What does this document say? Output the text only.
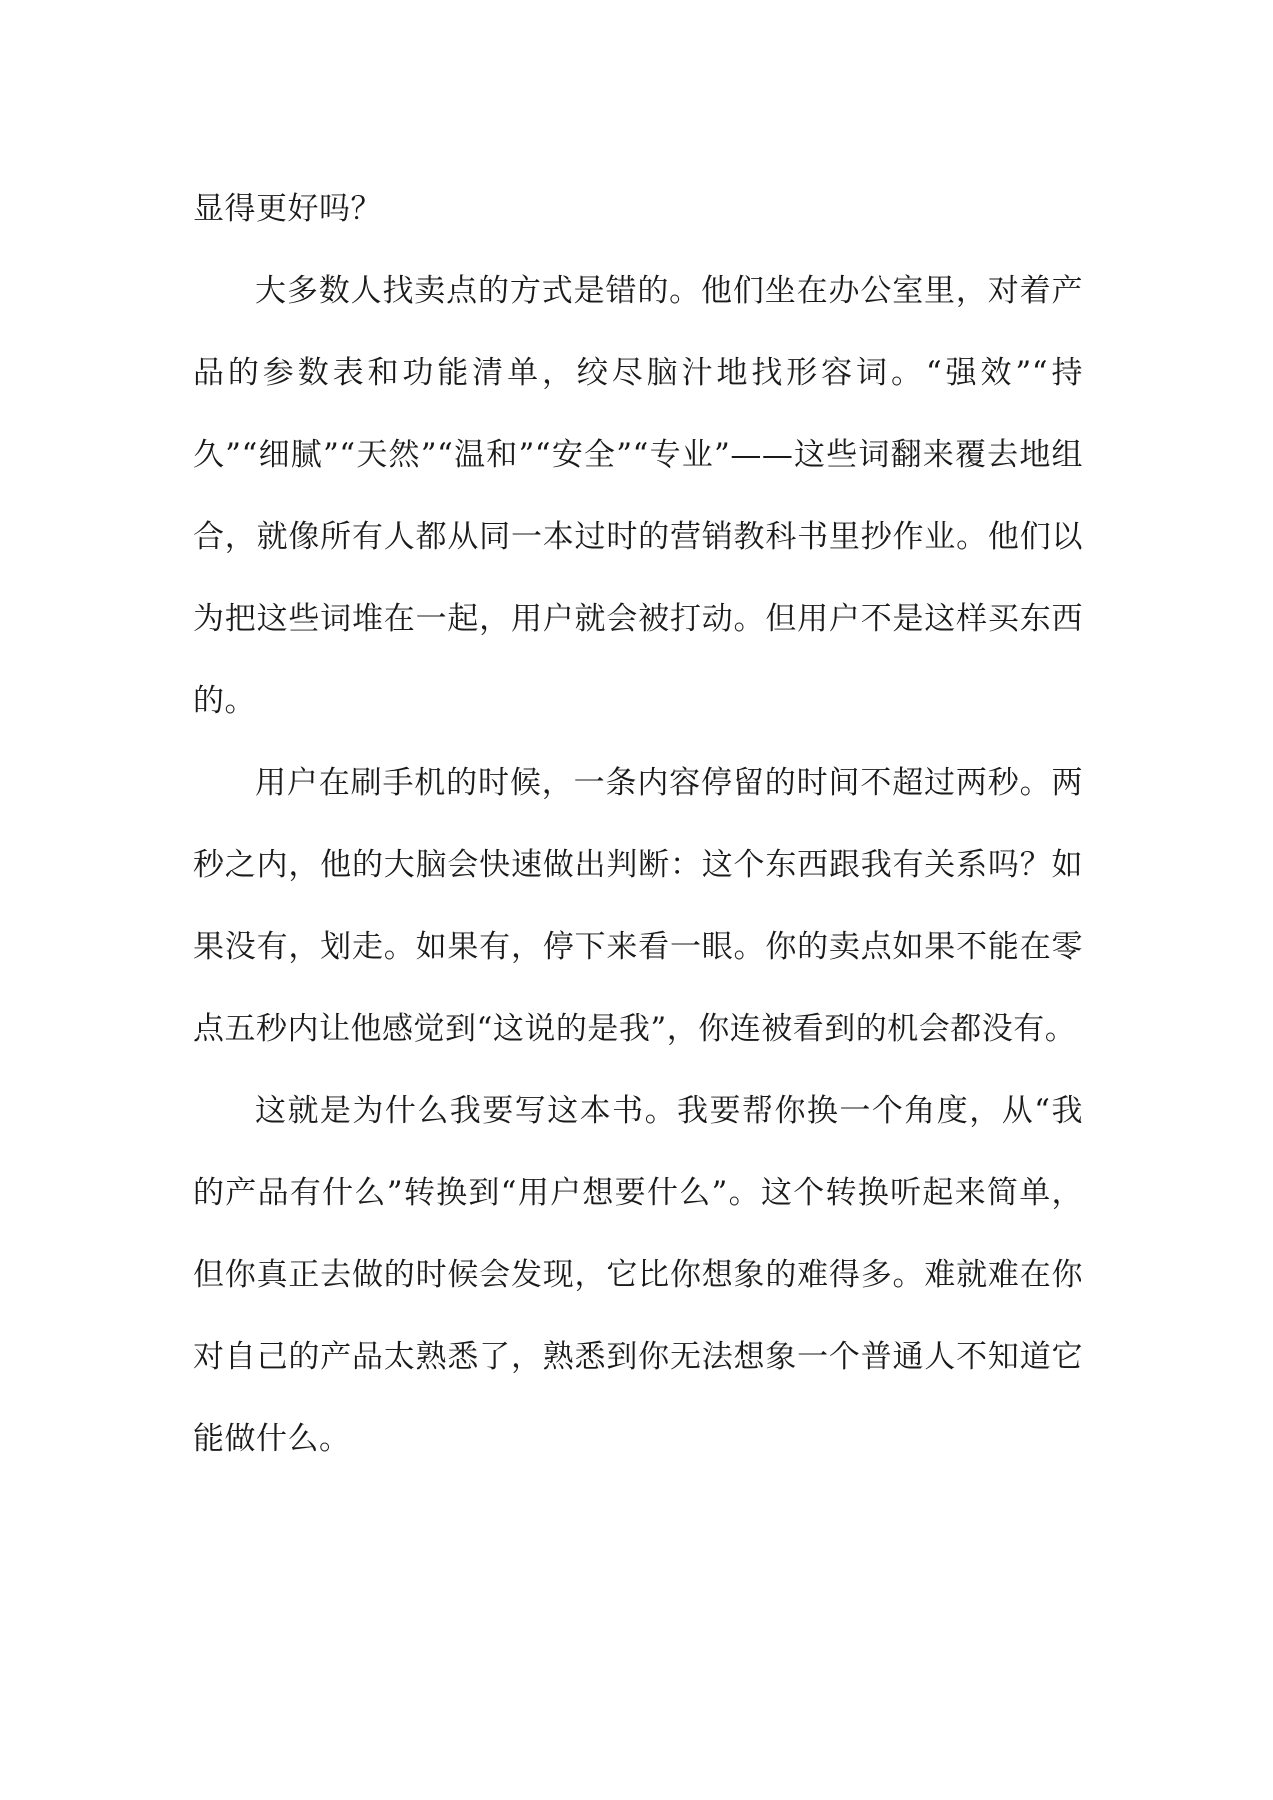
显得更好吗？

大多数人找卖点的方式是错的。他们坐在办公室里，对着产品的参数表和功能清单，绞尽脑汁地找形容词。“强效”“持久”“细腻”“天然”“温和”“安全”“专业”——这些词翻来覆去地组合，就像所有人都从同一本过时的营销教科书里抄作业。他们以为把这些词堆在一起，用户就会被打动。但用户不是这样买东西的。

用户在刷手机的时候，一条内容停留的时间不超过两秒。两秒之内，他的大脑会快速做出判断：这个东西跟我有关系吗？如果没有，划走。如果有，停下来看一眼。你的卖点如果不能在零点五秒内让他感觉到“这说的是我”，你连被看到的机会都没有。

这就是为什么我要写这本书。我要帮你换一个角度，从“我的产品有什么”转换到“用户想要什么”。这个转换听起来简单，但你真正去做的时候会发现，它比你想象的难得多。难就难在你对自己的产品太熟悉了，熟悉到你无法想象一个普通人不知道它能做什么。
